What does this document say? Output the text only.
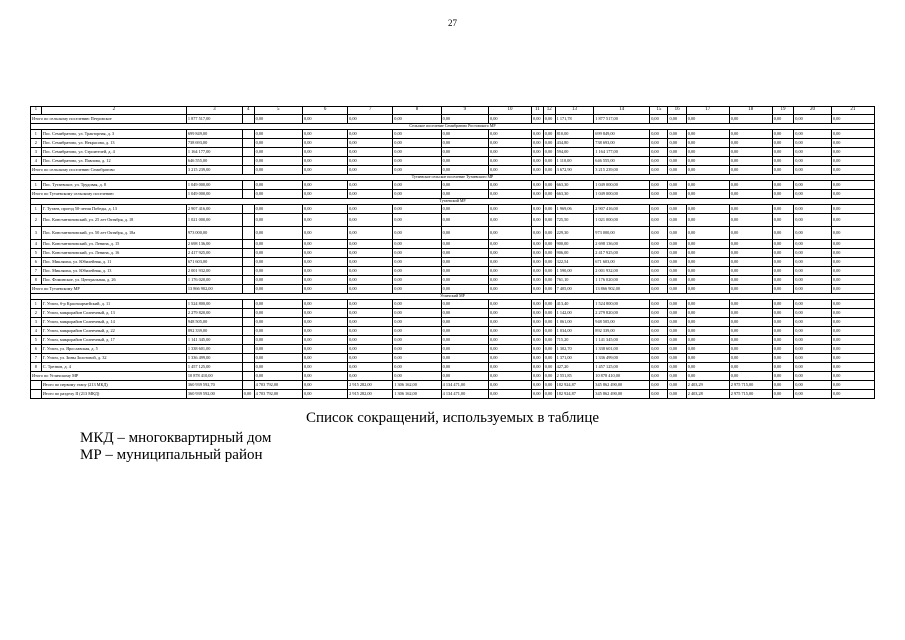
27
1	2	3	4	5	6	7	8	9	10	11	12	13	14	15	16	17	18	19	20	21
Итого по сельскому поселению Петровское		1 877 517,00		0,00	0,00	0,00	0,00	0,00	0,00	0,00	0,00	1 171,78	1 877 517,00	0,00	0,00	0,00	0,00	0,00	0,00	0,00
Сельское поселение Семибратово Ростовского МР																				
1	Пос. Семибратово, ул. Тракторная, д. 3	699 849,00		0,00	0,00	0,00	0,00	0,00	0,00	0,00	0,00	810,00	699 849,00	0,00	0,00	0,00	0,00	0,00	0,00	0,00
2	Пос. Семибратово, ул. Некрасова, д. 13	738 693,00		0,00	0,00	0,00	0,00	0,00	0,00	0,00	0,00	434,80	738 693,00	0,00	0,00	0,00	0,00	0,00	0,00	0,00
3	Пос. Семибратово, ул. Строителей, д. 4	1 164 177,00		0,00	0,00	0,00	0,00	0,00	0,00	0,00	0,00	594,00	1 164 177,00	0,00	0,00	0,00	0,00	0,00	0,00	0,00
4	Пос. Семибратово, ул. Павлова, д. 12	646 555,00		0,00	0,00	0,00	0,00	0,00	0,00	0,00	0,00	1 110,00	646 555,00	0,00	0,00	0,00	0,00	0,00	0,00	0,00
Итого по сельскому поселению Семибратово		3 215 239,00		0,00	0,00	0,00	0,00	0,00	0,00	0,00	0,00	3 672,90	3 215 239,00	0,00	0,00	0,00	0,00	0,00	0,00	0,00
Тутаевское сельское поселение Тутаевского МР																				
1	Пос. Тутаевское, ул. Трудовая, д. 8	1 049 000,00		0,00	0,00	0,00	0,00	0,00	0,00	0,00	0,00	663,30	1 049 000,00	0,00	0,00	0,00	0,00	0,00	0,00	0,00
Итого по Тутаевскому сельскому поселению		1 049 000,00		0,00	0,00	0,00	0,00	0,00	0,00	0,00	0,00	663,30	1 049 000,00	0,00	0,00	0,00	0,00	0,00	0,00	0,00
Тутаевский МР																				
1	Г. Тутаев, проезд 50-летия Победы, д. 13	2 907 416,00		0,00	0,00	0,00	0,00	0,00	0,00	0,00	0,00	1 969,06	2 907 416,00	0,00	0,00	0,00	0,00	0,00	0,00	0,00
2	Пос. Константиновский, ул. 25 лет Октября, д. 18	1 021 000,00		0,00	0,00	0,00	0,00	0,00	0,00	0,00	0,00	725,50	1 021 000,00	0,00	0,00	0,00	0,00	0,00	0,00	0,00
3	Пос. Константиновский, ул. 50 лет Октября, д. 18а	973 000,00		0,00	0,00	0,00	0,00	0,00	0,00	0,00	0,00	229,30	973 000,00	0,00	0,00	0,00	0,00	0,00	0,00	0,00
4	Пос. Константиновский, ул. Ленина, д. 15	2 698 136,00		0,00	0,00	0,00	0,00	0,00	0,00	0,00	0,00	900,00	2 698 136,00	0,00	0,00	0,00	0,00	0,00	0,00	0,00
5	Пос. Константиновский, ул. Ленина, д. 16	2 417 925,00		0,00	0,00	0,00	0,00	0,00	0,00	0,00	0,00	906,00	2 417 925,00	0,00	0,00	0,00	0,00	0,00	0,00	0,00
6	Пос. Микляиха, ул. Юбилейная, д. 11	671 603,00		0,00	0,00	0,00	0,00	0,00	0,00	0,00	0,00	322,54	671 603,00	0,00	0,00	0,00	0,00	0,00	0,00	0,00
7	Пос. Микляиха, ул. Юбилейная, д. 13	2 001 932,00		0,00	0,00	0,00	0,00	0,00	0,00	0,00	0,00	1 590,00	2 001 932,00	0,00	0,00	0,00	0,00	0,00	0,00	0,00
8	Пос. Фоминское, ул. Центральная, д. 26	1 176 020,00		0,00	0,00	0,00	0,00	0,00	0,00	0,00	0,00	761,10	1 176 020,00	0,00	0,00	0,00	0,00	0,00	0,00	0,00
Итого по Тутаевскому МР		13 866 902,00		0,00	0,00	0,00	0,00	0,00	0,00	0,00	0,00	7 405,00	13 866 902,00	0,00	0,00	0,00	0,00	0,00	0,00	0,00
Угличский МР																				
1	Г. Углич, б-р Красноармейский, д. 11	1 524 800,00		0,00	0,00	0,00	0,00	0,00	0,00	0,00	0,00	413,40	1 524 800,00	0,00	0,00	0,00	0,00	0,00	0,00	0,00
2	Г. Углич, микрорайон Солнечный, д. 13	2 279 820,00		0,00	0,00	0,00	0,00	0,00	0,00	0,00	0,00	1 142,00	2 279 820,00	0,00	0,00	0,00	0,00	0,00	0,00	0,00
3	Г. Углич, микрорайон Солнечный, д. 14	948 505,00		0,00	0,00	0,00	0,00	0,00	0,00	0,00	0,00	1 061,00	948 505,00	0,00	0,00	0,00	0,00	0,00	0,00	0,00
4	Г. Углич, микрорайон Солнечный, д. 22	892 339,00		0,00	0,00	0,00	0,00	0,00	0,00	0,00	0,00	1 034,00	892 339,00	0,00	0,00	0,00	0,00	0,00	0,00	0,00
5	Г. Углич, микрорайон Солнечный, д. 17	1 141 345,00		0,00	0,00	0,00	0,00	0,00	0,00	0,00	0,00	715,20	1 141 345,00	0,00	0,00	0,00	0,00	0,00	0,00	0,00
6	Г. Углич, ул. Ярославская, д. 5	1 338 601,00		0,00	0,00	0,00	0,00	0,00	0,00	0,00	0,00	1 302,70	1 338 601,00	0,00	0,00	0,00	0,00	0,00	0,00	0,00
7	Г. Углич, ул. Зины Золотовой, д. 32	1 336 499,00		0,00	0,00	0,00	0,00	0,00	0,00	0,00	0,00	1 371,00	1 336 499,00	0,00	0,00	0,00	0,00	0,00	0,00	0,00
8	С. Трезвов, д. 4	1 457 125,00		0,00	0,00	0,00	0,00	0,00	0,00	0,00	0,00	427,20	1 457 125,00	0,00	0,00	0,00	0,00	0,00	0,00	0,00
Итого по Угличскому МР		10 878 410,00		0,00	0,00	0,00	0,00	0,00	0,00	0,00	0,00	2 551,85	10 878 410,00	0,00	0,00	0,00	0,00	0,00	0,00	0,00
	Итого по первому этапу (213 МКД)	360 939 592,70		4 703 792,00	0,00	2 915 282,00	1 306 162,00	4 134 471,00	0,00	0,00	0,00	182 924,87	345 862 490,00	0,00	0,00	2 403,29	2 975 715,00	0,00	0,00	0,00
	Итого по разделу II (213 МКД)	360 939 592,00	0,00	4 703 792,00	0,00	2 915 282,00	1 306 162,00	4 134 471,00	0,00	0,00	0,00	182 924,87	345 862 490,00	0,00	0,00	2 403,28	2 975 715,00	0,00	0,00	0,00
Список сокращений, используемых в таблице
МКД – многоквартирный дом
МР – муниципальный район
